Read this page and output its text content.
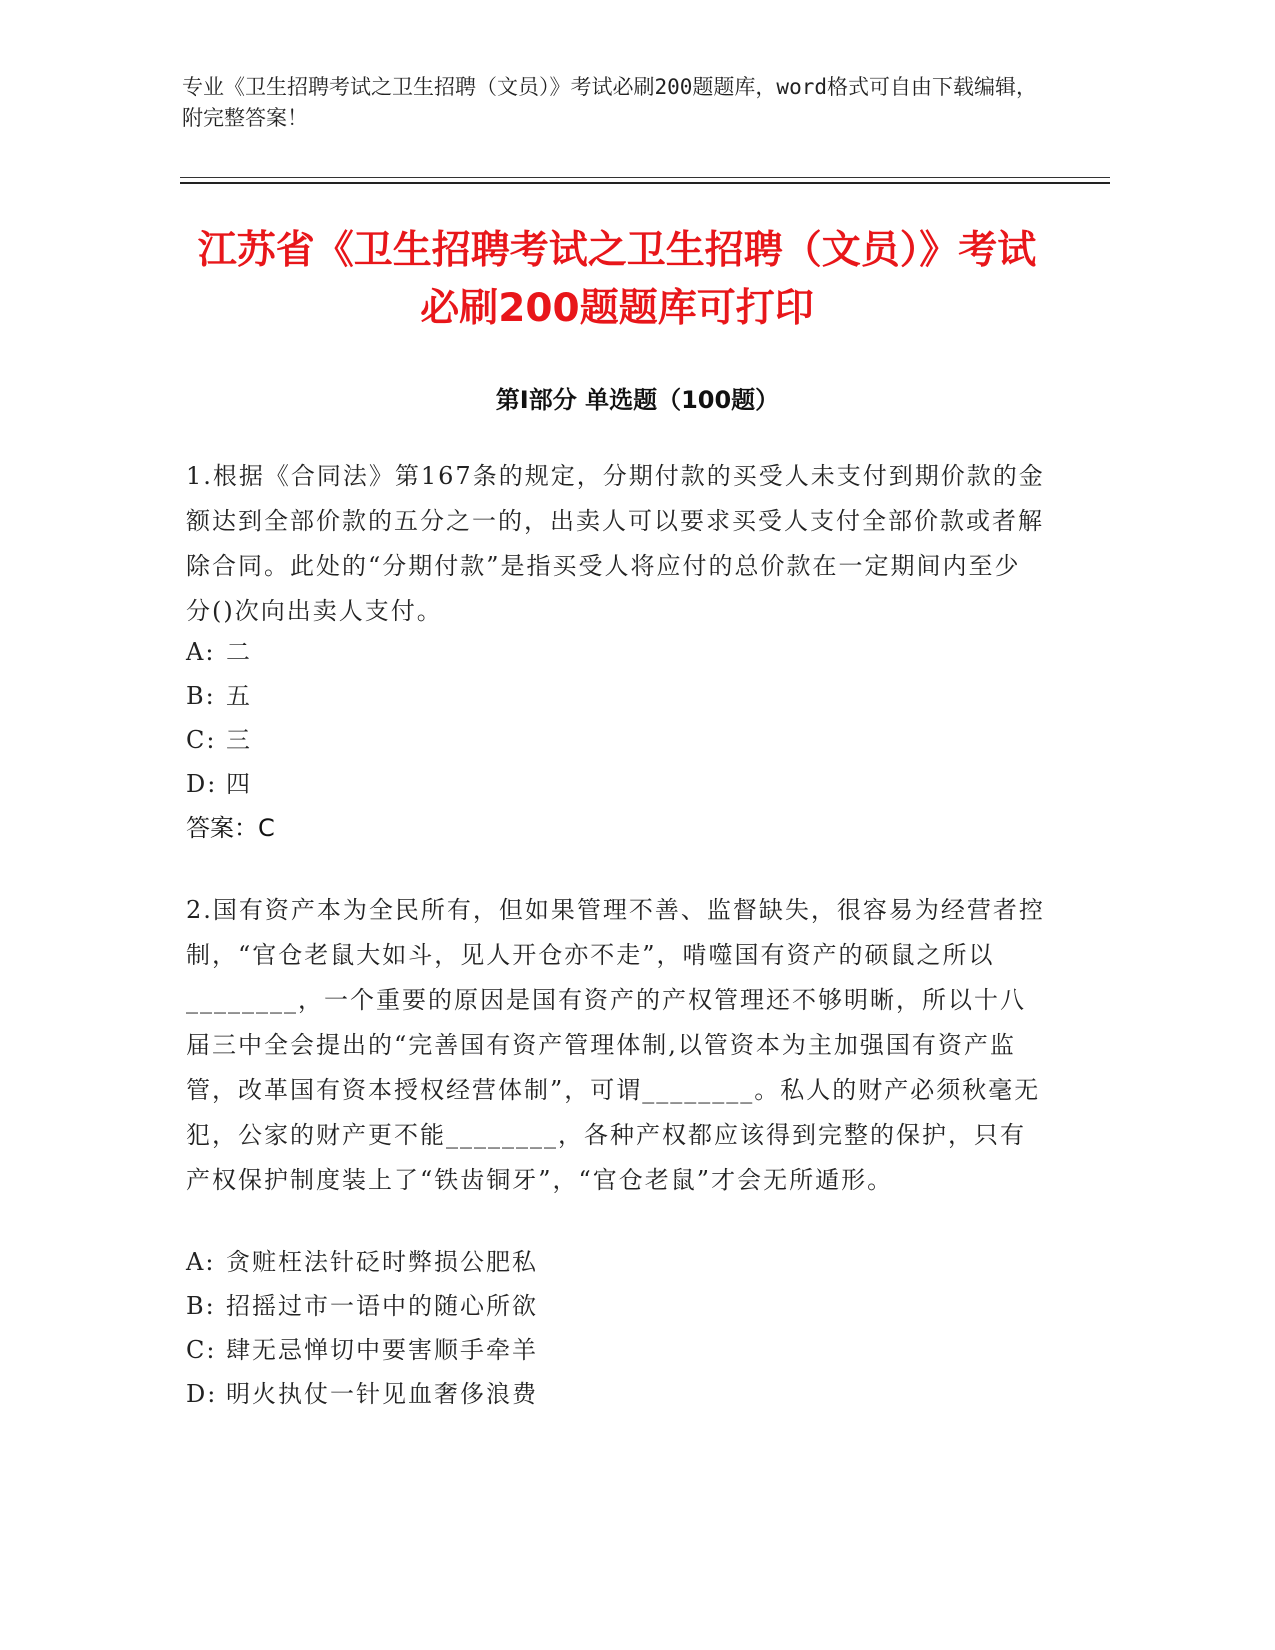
专业《卫生招聘考试之卫生招聘（文员）》考试必刷200题题库，word格式可自由下载编辑，附完整答案！
江苏省《卫生招聘考试之卫生招聘（文员）》考试必刷200题题库可打印
第Ⅰ部分 单选题（100题）

1.根据《合同法》第167条的规定，分期付款的买受人未支付到期价款的金额达到全部价款的五分之一的，出卖人可以要求买受人支付全部价款或者解除合同。此处的“分期付款”是指买受人将应付的总价款在一定期间内至少分()次向出卖人支付。

A: 二
B: 五
C: 三
D: 四
答案：C

2.国有资产本为全民所有，但如果管理不善、监督缺失，很容易为经营者控制，“官仓老鼠大如斗，见人开仓亦不走”，啃噬国有资产的硕鼠之所以________，一个重要的原因是国有资产的产权管理还不够明晰，所以十八届三中全会提出的“完善国有资产管理体制,以管资本为主加强国有资产监管，改革国有资本授权经营体制”，可谓________。私人的财产必须秋毫无犯，公家的财产更不能________，各种产权都应该得到完整的保护，只有产权保护制度装上了“铁齿铜牙”，“官仓老鼠”才会无所遁形。

A: 贪赃枉法针砭时弊损公肥私
B: 招摇过市一语中的随心所欲
C: 肆无忌惮切中要害顺手牵羊
D: 明火执仗一针见血奢侈浪费
